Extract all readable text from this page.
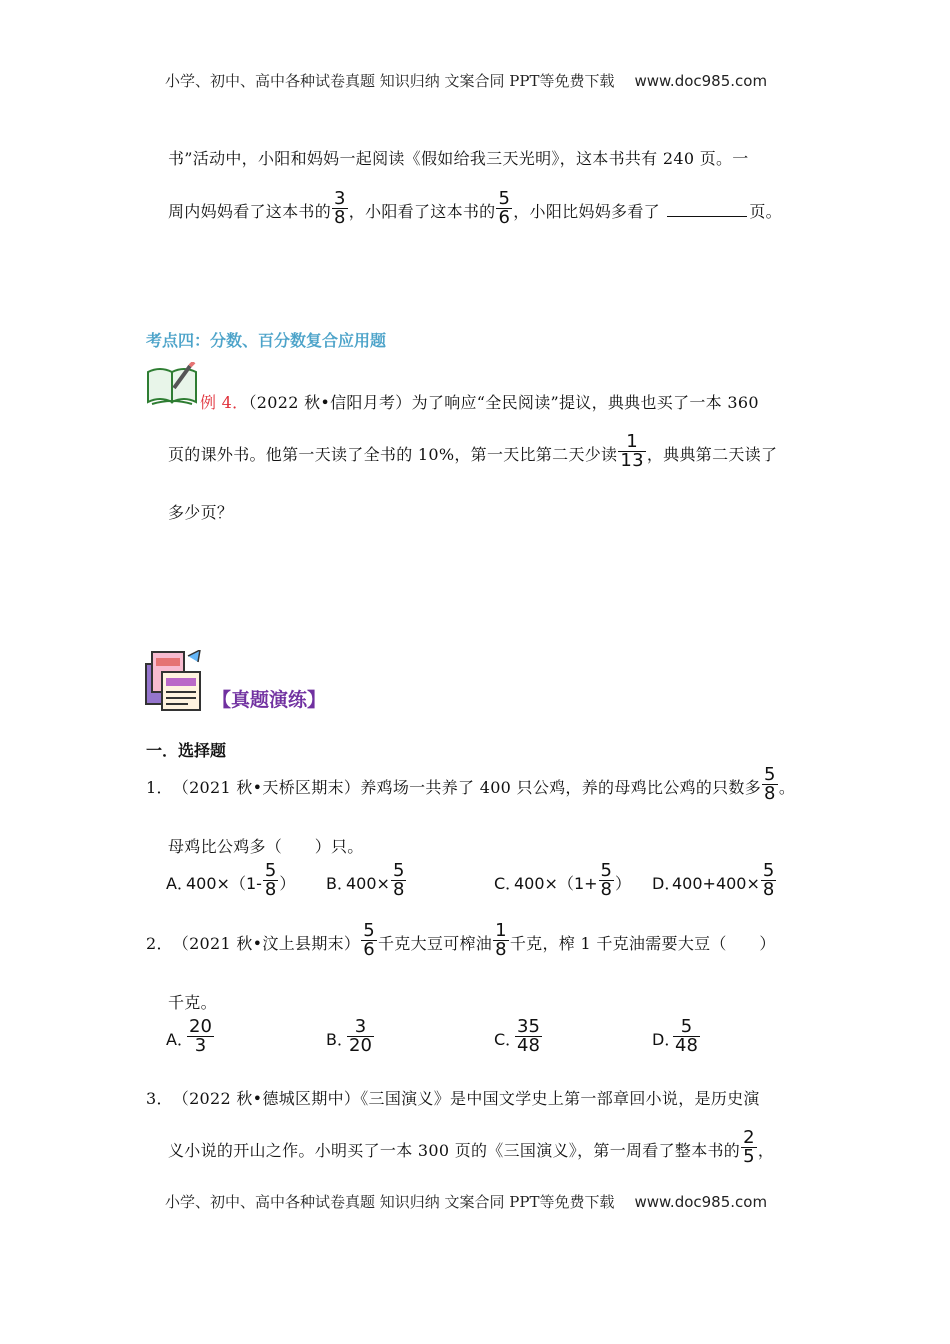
小学、初中、高中各种试卷真题 知识归纳 文案合同 PPT等免费下载 www.doc985.com
书”活动中，小阳和妈妈一起阅读《假如给我三天光明》，这本书共有 240 页。一
周内妈妈看了这本书的 $\frac{3}{8}$ ，小阳看了这本书的 $\frac{5}{6}$ ，小阳比妈妈多看了	页。
考点四：分数、百分数复合应用题
例 4．（2022 秋•信阳月考）为了响应“全民阅读”提议，典典也买了一本 360
页的课外书。他第一天读了全书的 10%，第一天比第二天少读 $\frac{1}{13}$ ，典典第二天读了
多少页？
【真题演练】
一．选择题
1． （2021 秋•天桥区期末）养鸡场一共养了 400 只公鸡，养的母鸡比公鸡的只数多 $\frac{5}{8}$ 。
母鸡比公鸡多（　　）只。
A．$400\times(1- \frac{5}{8}$ ） B．$400\times \frac{5}{8}$	C．$400\times(1+ \frac{5}{8}$ ） D．$400+400\times \frac{5}{8}$
2． （2021 秋•汶上县期末） $\frac{5}{6}$ 千克大豆可榨油 $\frac{1}{8}$ 千克，榨 1 千克油需要大豆（　　）
千克。
A．
$\frac{20}{3}$	B．
$\frac{3}{20}$	C．
$\frac{35}{48}$	D．
$\frac{5}{48}$
3． （2022 秋•德城区期中）《三国演义》是中国文学史上第一部章回小说，是历史演
义小说的开山之作。小明买了一本 300 页的《三国演义》，第一周看了整本书的 $\frac{2}{5}$ ，
小学、初中、高中各种试卷真题 知识归纳 文案合同 PPT等免费下载 www.doc985.com
